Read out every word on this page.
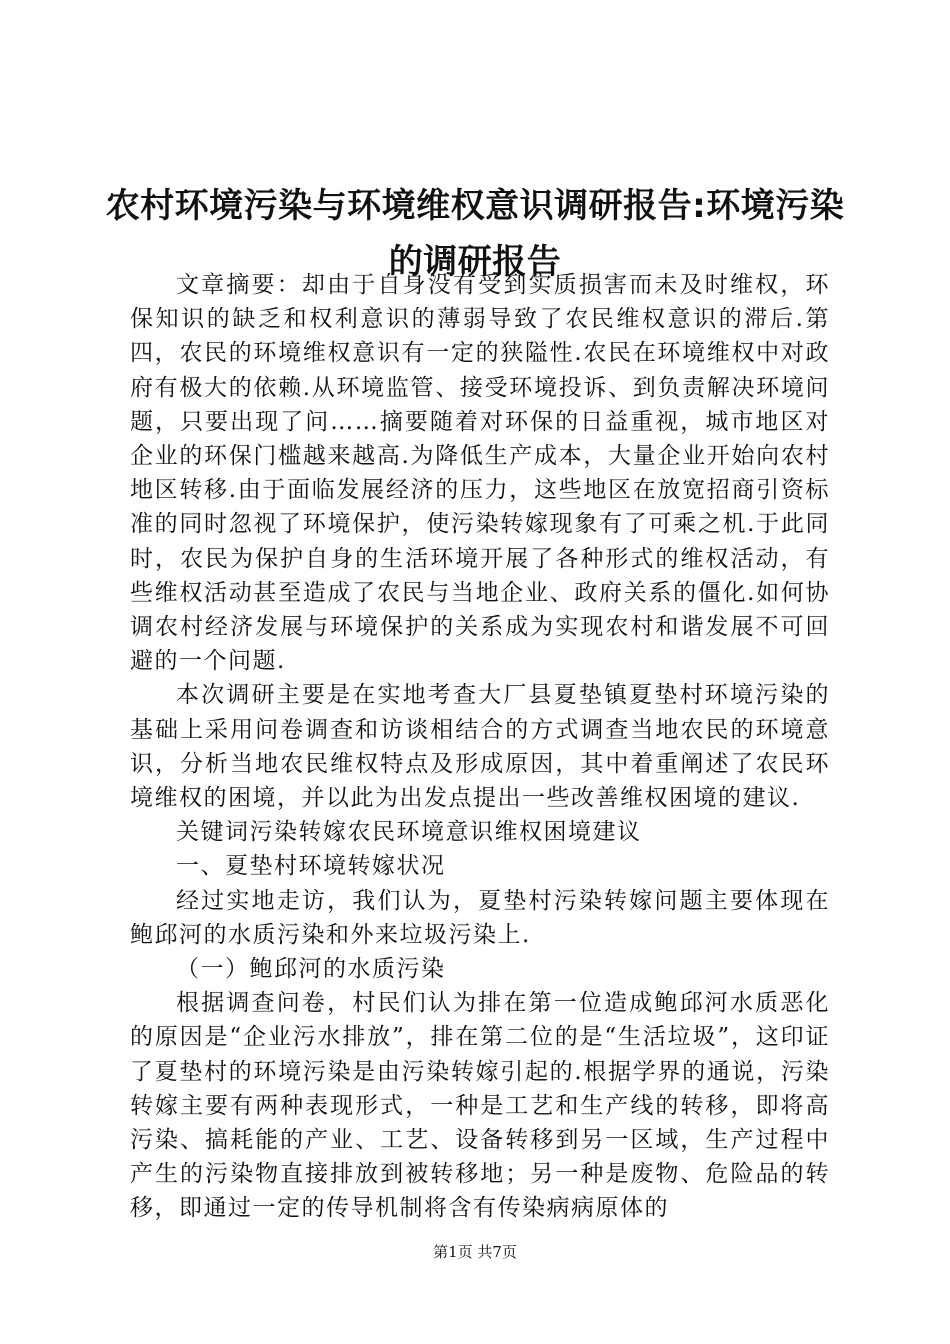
农村环境污染与环境维权意识调研报告:环境污染的调研报告

文章摘要：却由于自身没有受到实质损害而未及时维权，环保知识的缺乏和权利意识的薄弱导致了农民维权意识的滞后.第四，农民的环境维权意识有一定的狭隘性.农民在环境维权中对政府有极大的依赖.从环境监管、接受环境投诉、到负责解决环境问题，只要出现了问……摘要随着对环保的日益重视，城市地区对企业的环保门槛越来越高.为降低生产成本，大量企业开始向农村地区转移.由于面临发展经济的压力，这些地区在放宽招商引资标准的同时忽视了环境保护，使污染转嫁现象有了可乘之机.于此同时，农民为保护自身的生活环境开展了各种形式的维权活动，有些维权活动甚至造成了农民与当地企业、政府关系的僵化.如何协调农村经济发展与环境保护的关系成为实现农村和谐发展不可回避的一个问题.

本次调研主要是在实地考查大厂县夏垫镇夏垫村环境污染的基础上采用问卷调查和访谈相结合的方式调查当地农民的环境意识，分析当地农民维权特点及形成原因，其中着重阐述了农民环境维权的困境，并以此为出发点提出一些改善维权困境的建议.

关键词污染转嫁农民环境意识维权困境建议

一、夏垫村环境转嫁状况

经过实地走访，我们认为，夏垫村污染转嫁问题主要体现在鲍邱河的水质污染和外来垃圾污染上.

（一）鲍邱河的水质污染

根据调查问卷，村民们认为排在第一位造成鲍邱河水质恶化的原因是“企业污水排放”，排在第二位的是“生活垃圾”，这印证了夏垫村的环境污染是由污染转嫁引起的.根据学界的通说，污染转嫁主要有两种表现形式，一种是工艺和生产线的转移，即将高污染、搞耗能的产业、工艺、设备转移到另一区域，生产过程中产生的污染物直接排放到被转移地；另一种是废物、危险品的转移，即通过一定的传导机制将含有传染病病原体的

第1页 共7页
